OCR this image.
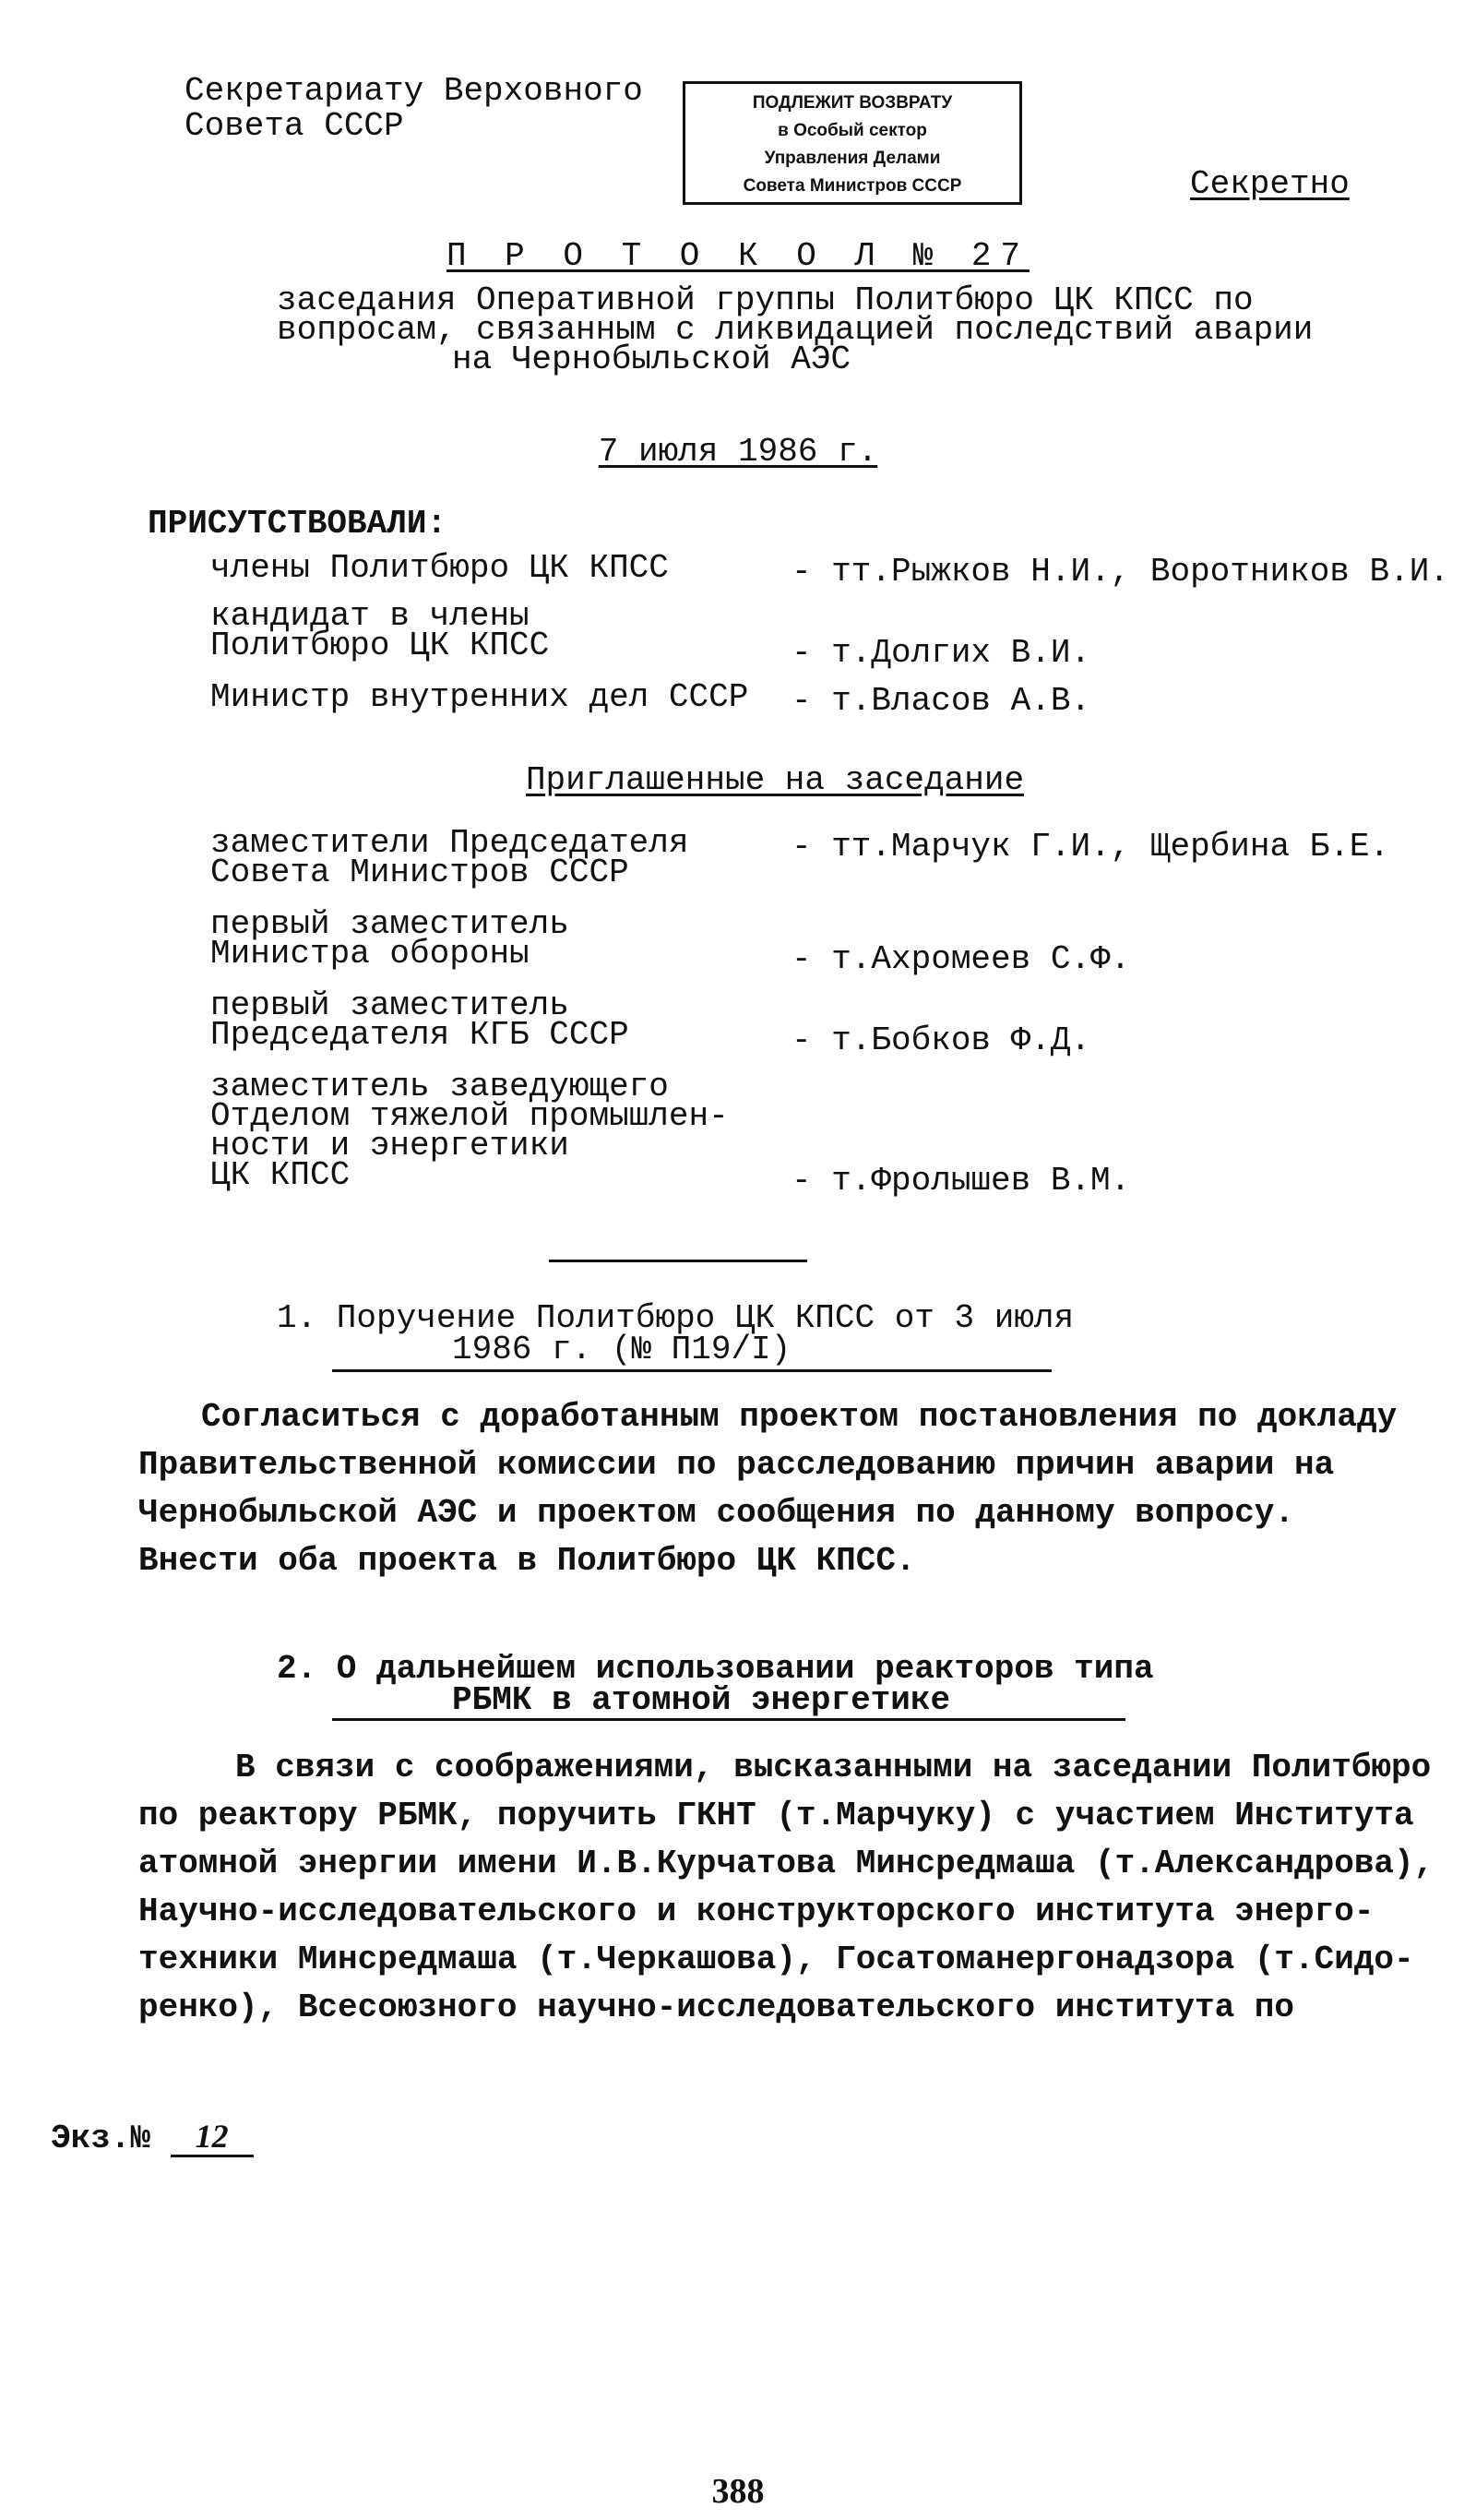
Секретариату Верховного
Совета СССР
ПОДЛЕЖИТ ВОЗВРАТУ
в Особый сектор
Управления Делами
Совета Министров СССР	Секретно
П Р О Т О К О Л № 27
заседания Оперативной группы Политбюро ЦК КПСС по
вопросам, связанным с ликвидацией последствий аварии
на Чернобыльской АЭС
7 июля 1986 г.
ПРИСУТСТВОВАЛИ:
члены Политбюро ЦК КПСС	- тт.Рыжков Н.И., Воротников В.И.
кандидат в члены
Политбюро ЦК КПСС	- т.Долгих В.И.
Министр внутренних дел СССР - т.Власов А.В.
Приглашенные на заседание
заместители Председателя
Совета Министров СССР
- тт.Марчук Г.И., Щербина Б.Е.
первый заместитель
Министра обороны	- т.Ахромеев С.Ф.
первый заместитель
Председателя КГБ СССР	- т.Бобков Ф.Д.
заместитель заведующего
Отделом тяжелой промышлен-
ности и энергетики
ЦК КПСС	- т.Фролышев В.М.
1. Поручение Политбюро ЦК КПСС от 3 июля
1986 г. (№ П19/I)
Согласиться с доработанным проектом постановления по докладу
Правительственной комиссии по расследованию причин аварии на
Чернобыльской АЭС и проектом сообщения по данному вопросу.
Внести оба проекта в Политбюро ЦК КПСС.
2. О дальнейшем использовании реакторов типа
РБМК в атомной энергетике
В связи с соображениями, высказанными на заседании Политбюро
по реактору РБМК, поручить ГКНТ (т.Марчуку) с участием Института
атомной энергии имени И.В.Курчатова Минсредмаша (т.Александрова),
Научно-исследовательского и конструкторского института энерго-
техники Минсредмаша (т.Черкашова), Госатоманергонадзора (т.Сидо-
ренко), Всесоюзного научно-исследовательского института по
Экз.№ 12
388
